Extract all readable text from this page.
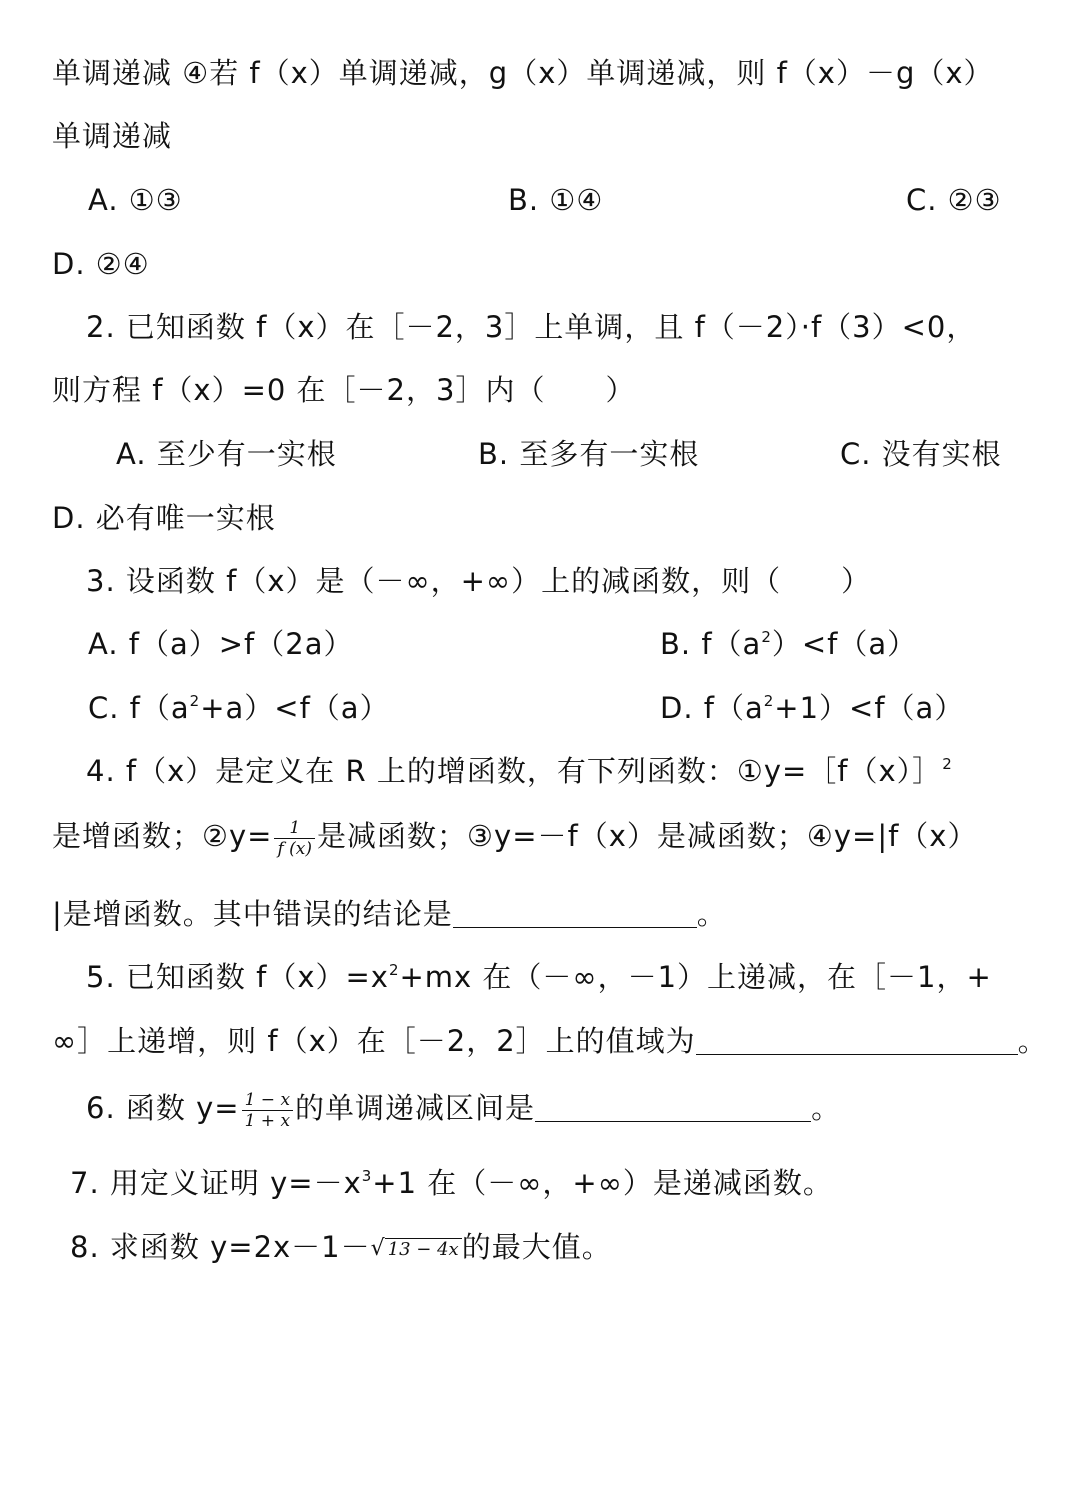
单调递减 ④若 f（x）单调递减，g（x）单调递减，则 f（x）－g（x）
单调递减
A. ①③	B. ①④	C. ②③
D. ②④
2. 已知函数 f（x）在［－2，3］上单调，且 f（－2）·f（3）<0，
则方程 f（x）=0 在［－2，3］内（　　）
A. 至少有一实根	B. 至多有一实根	C. 没有实根
D. 必有唯一实根
3. 设函数 f（x）是（－∞，+∞）上的减函数，则（　　）
A. f（a）>f（2a）	B. $f(a^2)<f(a)$
C. $f(a^2+a)<f(a)$	D. $f(a^2+1)<f(a)$
4. f（x）是定义在 R 上的增函数，有下列函数：①y=［f（x）］$^2$
是增函数；②y= $\frac{1}{f (x)}$ 是减函数；③y=－f（x）是减函数；④y=|f（x）
|是增函数。其中错误的结论是	。
5. 已知函数 $f(x)=x^2+mx$ 在（－∞，－1）上递减，在［－1，+
∞］上递增，则 f（x）在［－2，2］上的值域为	。
6. 函数 $y= \frac{1 - x}{1 + x}$ 的单调递减区间是	。
7. 用定义证明 $y=-x^3+1$ 在（－∞，+∞）是递减函数。
8. 求函数 y=2x－1－√ 13 − 4x 的最大值。
